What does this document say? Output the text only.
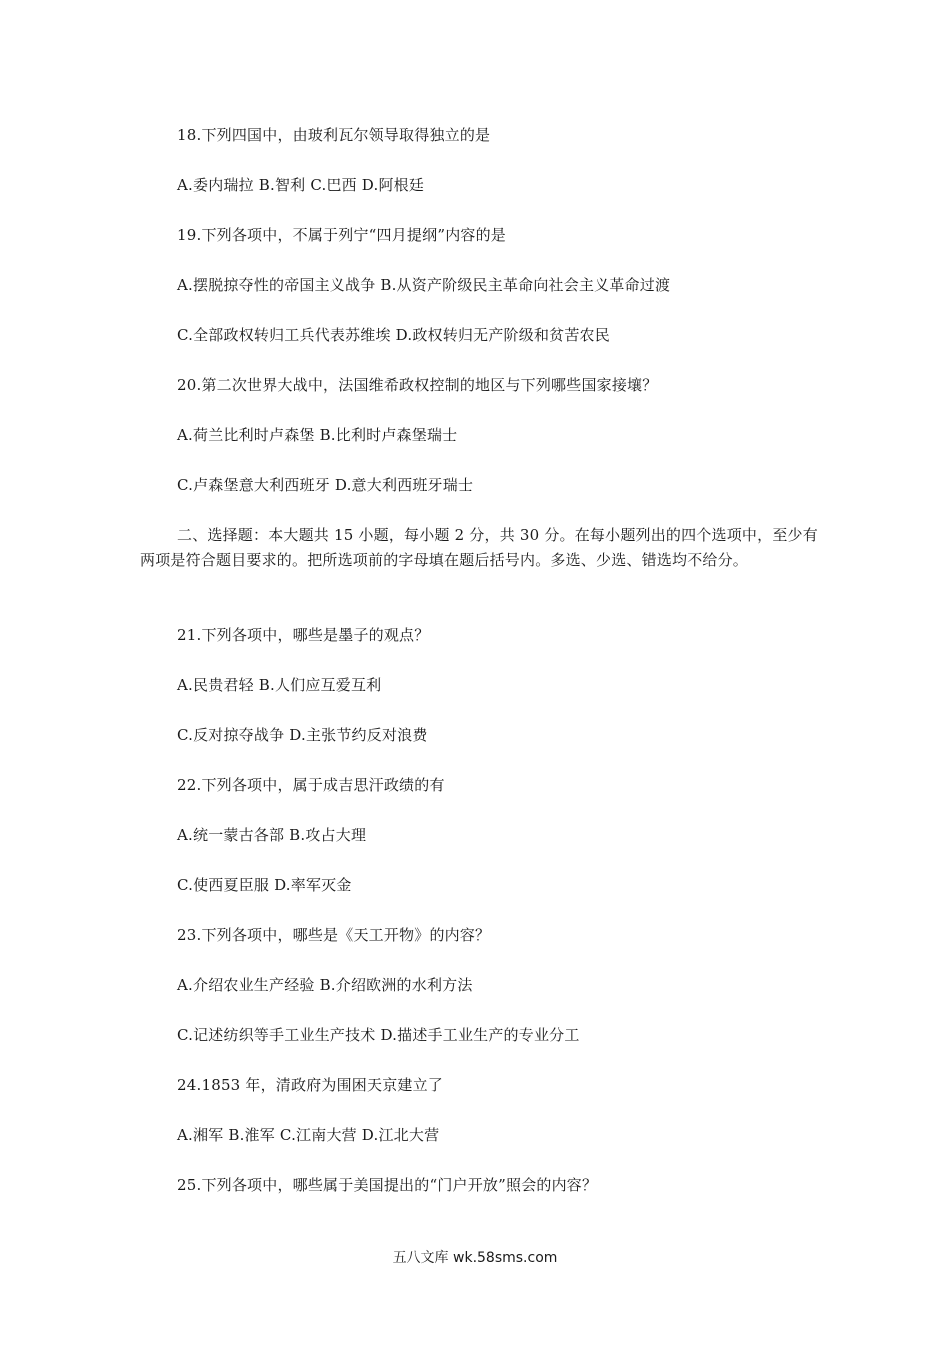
18.下列四国中，由玻利瓦尔领导取得独立的是
A.委内瑞拉 B.智利 C.巴西 D.阿根廷
19.下列各项中，不属于列宁“四月提纲”内容的是
A.摆脱掠夺性的帝国主义战争 B.从资产阶级民主革命向社会主义革命过渡
C.全部政权转归工兵代表苏维埃 D.政权转归无产阶级和贫苦农民
20.第二次世界大战中，法国维希政权控制的地区与下列哪些国家接壤？
A.荷兰比利时卢森堡 B.比利时卢森堡瑞士
C.卢森堡意大利西班牙 D.意大利西班牙瑞士
二、选择题：本大题共 15 小题，每小题 2 分，共 30 分。在每小题列出的四个选项中，至少有两项是符合题目要求的。把所选项前的字母填在题后括号内。多选、少选、错选均不给分。
21.下列各项中，哪些是墨子的观点？
A.民贵君轻 B.人们应互爱互利
C.反对掠夺战争 D.主张节约反对浪费
22.下列各项中，属于成吉思汗政绩的有
A.统一蒙古各部 B.攻占大理
C.使西夏臣服 D.率军灭金
23.下列各项中，哪些是《天工开物》的内容？
A.介绍农业生产经验 B.介绍欧洲的水利方法
C.记述纺织等手工业生产技术 D.描述手工业生产的专业分工
24.1853 年，清政府为围困天京建立了
A.湘军 B.淮军 C.江南大营 D.江北大营
25.下列各项中，哪些属于美国提出的“门户开放”照会的内容？
五八文库 wk.58sms.com
